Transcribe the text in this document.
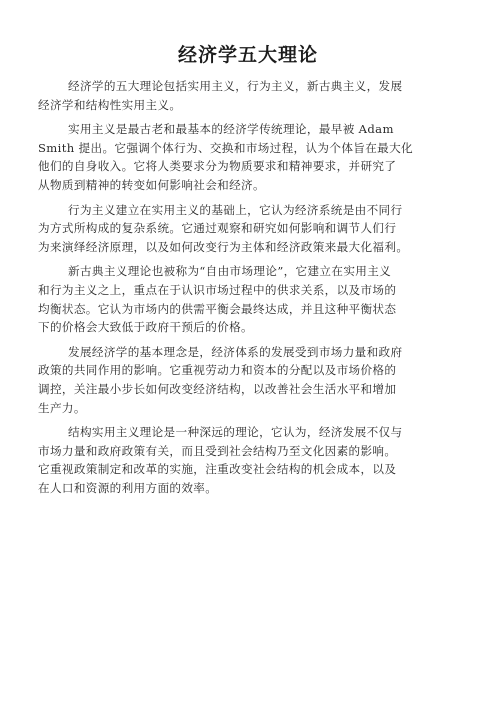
经济学五大理论

经济学的五大理论包括实用主义，行为主义，新古典主义，发展
经济学和结构性实用主义。

实用主义是最古老和最基本的经济学传统理论，最早被 Adam
Smith 提出。它强调个体行为、交换和市场过程，认为个体旨在最大化
他们的自身收入。它将人类要求分为物质要求和精神要求，并研究了
从物质到精神的转变如何影响社会和经济。

行为主义建立在实用主义的基础上，它认为经济系统是由不同行
为方式所构成的复杂系统。它通过观察和研究如何影响和调节人们行
为来演绎经济原理，以及如何改变行为主体和经济政策来最大化福利。

新古典主义理论也被称为“自由市场理论”，它建立在实用主义
和行为主义之上，重点在于认识市场过程中的供求关系，以及市场的
均衡状态。它认为市场内的供需平衡会最终达成，并且这种平衡状态
下的价格会大致低于政府干预后的价格。

发展经济学的基本理念是，经济体系的发展受到市场力量和政府
政策的共同作用的影响。它重视劳动力和资本的分配以及市场价格的
调控，关注最小步长如何改变经济结构，以改善社会生活水平和增加
生产力。

结构实用主义理论是一种深远的理论，它认为，经济发展不仅与
市场力量和政府政策有关，而且受到社会结构乃至文化因素的影响。
它重视政策制定和改革的实施，注重改变社会结构的机会成本，以及
在人口和资源的利用方面的效率。
